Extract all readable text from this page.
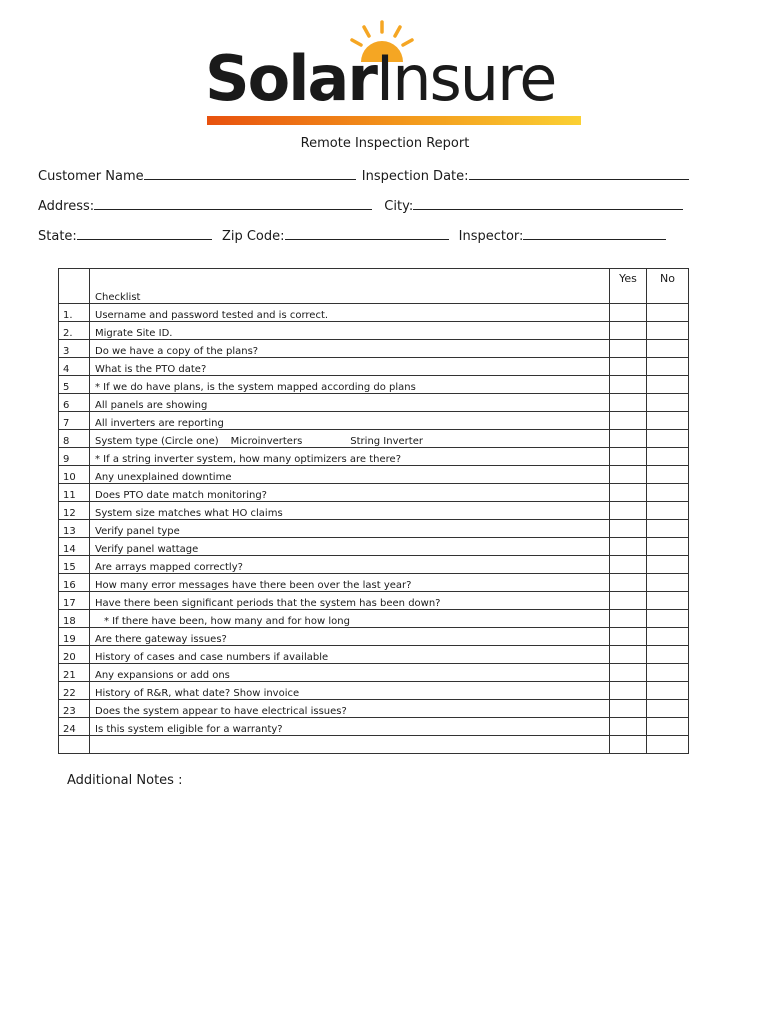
SolarInsure
Remote Inspection Report
Customer Name	Inspection Date:
Address:	City:
State:	Zip Code:	Inspector:
	Checklist	Yes	No
1.	Username and password tested and is correct.		
2.	Migrate Site ID.		
3	Do we have a copy of the plans?		
4	What is the PTO date?		
5	* If we do have plans, is the system mapped according do plans		
6	All panels are showing		
7	All inverters are reporting		
8	System type (Circle one) Microinverters String Inverter		
9	* If a string inverter system, how many optimizers are there?		
10	Any unexplained downtime		
11	Does PTO date match monitoring?		
12	System size matches what HO claims		
13	Verify panel type		
14	Verify panel wattage		
15	Are arrays mapped correctly?		
16	How many error messages have there been over the last year?		
17	Have there been significant periods that the system has been down?		
18	* If there have been, how many and for how long		
19	Are there gateway issues?		
20	History of cases and case numbers if available		
21	Any expansions or add ons		
22	History of R&R, what date? Show invoice		
23	Does the system appear to have electrical issues?		
24	Is this system eligible for a warranty?		

Additional Notes :
